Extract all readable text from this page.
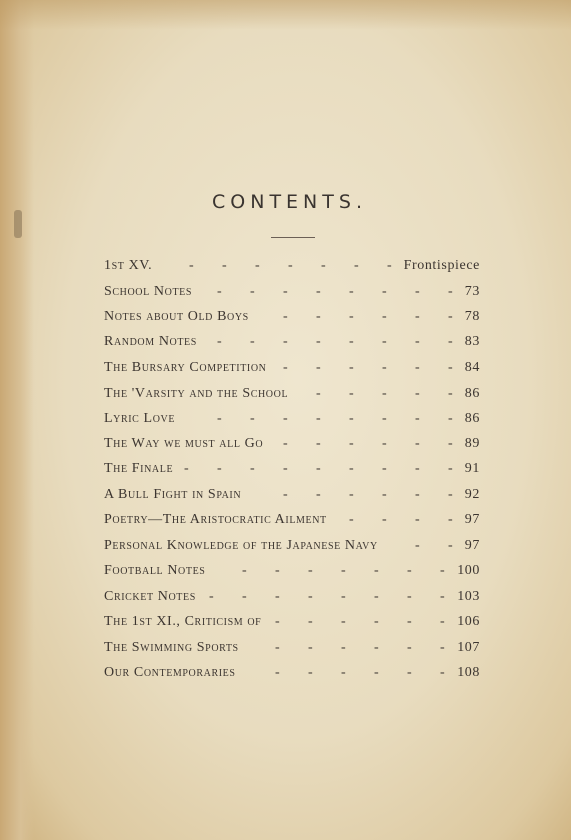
CONTENTS.
1st XV.	Frontispiece
-
-
-
-
-
-
-
School Notes	73
-
-
-
-
-
-
-
-
Notes about Old Boys	78
-
-
-
-
-
-
Random Notes	83
-
-
-
-
-
-
-
-
The Bursary Competition	84
-
-
-
-
-
-
The 'Varsity and the School	86
-
-
-
-
-
Lyric Love	86
-
-
-
-
-
-
-
-
The Way we must all Go	89
-
-
-
-
-
-
The Finale	91
-
-
-
-
-
-
-
-
-
A Bull Fight in Spain	92
-
-
-
-
-
-
Poetry—The Aristocratic Ailment	97
-
-
-
-
Personal Knowledge of the Japanese Navy	97
-
-
Football Notes	100
-
-
-
-
-
-
-
Cricket Notes	103
-
-
-
-
-
-
-
-
The 1st XI., Criticism of	106
-
-
-
-
-
-
The Swimming Sports	107
-
-
-
-
-
-
Our Contemporaries	108
-
-
-
-
-
-
